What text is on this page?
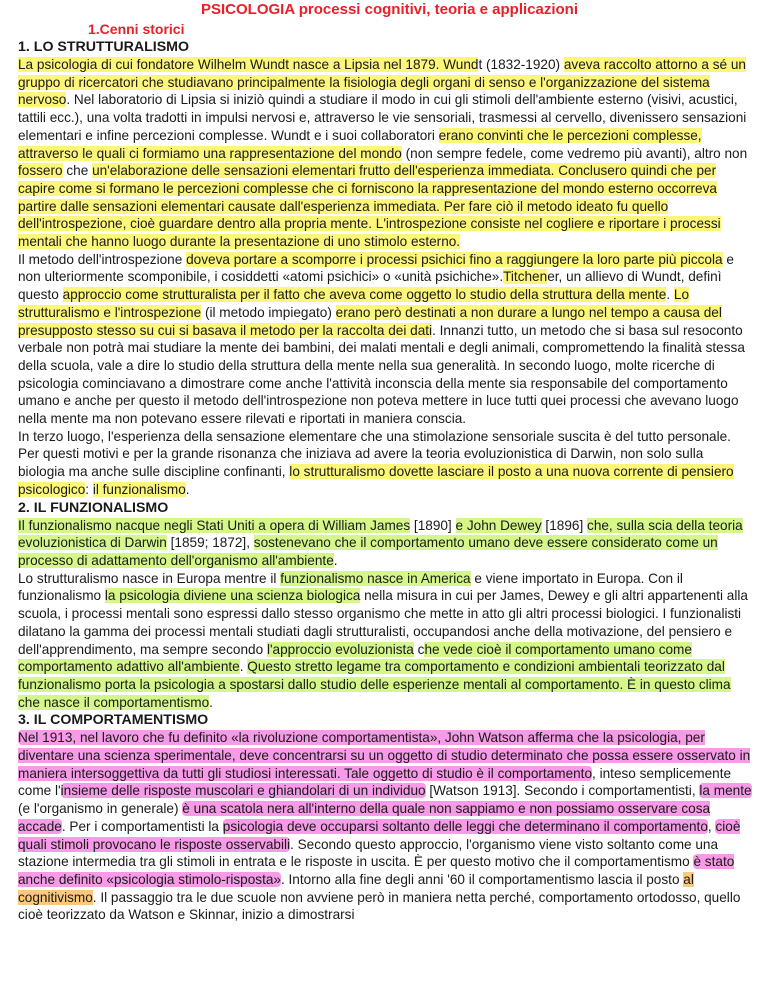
PSICOLOGIA processi cognitivi, teoria e applicazioni
1.Cenni storici
1. LO STRUTTURALISMO

La psicologia di cui fondatore Wilhelm Wundt nasce a Lipsia nel 1879. Wundt (1832-1920) aveva raccolto attorno a sé un gruppo di ricercatori che studiavano principalmente la fisiologia degli organi di senso e l'organizzazione del sistema nervoso. Nel laboratorio di Lipsia si iniziò quindi a studiare il modo in cui gli stimoli dell'ambiente esterno (visivi, acustici, tattili ecc.), una volta tradotti in impulsi nervosi e, attraverso le vie sensoriali, trasmessi al cervello, divenissero sensazioni elementari e infine percezioni complesse. Wundt e i suoi collaboratori erano convinti che le percezioni complesse, attraverso le quali ci formiamo una rappresentazione del mondo (non sempre fedele, come vedremo più avanti), altro non fossero che un'elaborazione delle sensazioni elementari frutto dell'esperienza immediata. Conclusero quindi che per capire come si formano le percezioni complesse che ci forniscono la rappresentazione del mondo esterno occorreva partire dalle sensazioni elementari causate dall'esperienza immediata. Per fare ciò il metodo ideato fu quello dell'introspezione, cioè guardare dentro alla propria mente. L'introspezione consiste nel cogliere e riportare i processi mentali che hanno luogo durante la presentazione di uno stimolo esterno.

Il metodo dell'introspezione doveva portare a scomporre i processi psichici fino a raggiungere la loro parte più piccola e non ulteriormente scomponibile, i cosiddetti «atomi psichici» o «unità psichiche».Titchener, un allievo di Wundt, definì questo approccio come strutturalista per il fatto che aveva come oggetto lo studio della struttura della mente. Lo strutturalismo e l'introspezione (il metodo impiegato) erano però destinati a non durare a lungo nel tempo a causa del presupposto stesso su cui si basava il metodo per la raccolta dei dati. Innanzi tutto, un metodo che si basa sul resoconto verbale non potrà mai studiare la mente dei bambini, dei malati mentali e degli animali, compromettendo la finalità stessa della scuola, vale a dire lo studio della struttura della mente nella sua generalità. In secondo luogo, molte ricerche di psicologia cominciavano a dimostrare come anche l'attività inconscia della mente sia responsabile del comportamento umano e anche per questo il metodo dell'introspezione non poteva mettere in luce tutti quei processi che avevano luogo nella mente ma non potevano essere rilevati e riportati in maniera conscia.

In terzo luogo, l'esperienza della sensazione elementare che una stimolazione sensoriale suscita è del tutto personale. Per questi motivi e per la grande risonanza che iniziava ad avere la teoria evoluzionistica di Darwin, non solo sulla biologia ma anche sulle discipline confinanti, lo strutturalismo dovette lasciare il posto a una nuova corrente di pensiero psicologico: il funzionalismo.

2. IL FUNZIONALISMO

Il funzionalismo nacque negli Stati Uniti a opera di William James [1890] e John Dewey [1896] che, sulla scia della teoria evoluzionistica di Darwin [1859; 1872], sostenevano che il comportamento umano deve essere considerato come un processo di adattamento dell'organismo all'ambiente.

Lo strutturalismo nasce in Europa mentre il funzionalismo nasce in America e viene importato in Europa. Con il funzionalismo la psicologia diviene una scienza biologica nella misura in cui per James, Dewey e gli altri appartenenti alla scuola, i processi mentali sono espressi dallo stesso organismo che mette in atto gli altri processi biologici. I funzionalisti dilatano la gamma dei processi mentali studiati dagli strutturalisti, occupandosi anche della motivazione, del pensiero e dell'apprendimento, ma sempre secondo l'approccio evoluzionista che vede cioè il comportamento umano come comportamento adattivo all'ambiente. Questo stretto legame tra comportamento e condizioni ambientali teorizzato dal funzionalismo porta la psicologia a spostarsi dallo studio delle esperienze mentali al comportamento. È in questo clima che nasce il comportamentismo.

3. IL COMPORTAMENTISMO

Nel 1913, nel lavoro che fu definito «la rivoluzione comportamentista», John Watson afferma che la psicologia, per diventare una scienza sperimentale, deve concentrarsi su un oggetto di studio determinato che possa essere osservato in maniera intersoggettiva da tutti gli studiosi interessati. Tale oggetto di studio è il comportamento, inteso semplicemente come l'insieme delle risposte muscolari e ghiandolari di un individuo [Watson 1913]. Secondo i comportamentisti, la mente (e l'organismo in generale) è una scatola nera all'interno della quale non sappiamo e non possiamo osservare cosa accade. Per i comportamentisti la psicologia deve occuparsi soltanto delle leggi che determinano il comportamento, cioè quali stimoli provocano le risposte osservabili. Secondo questo approccio, l'organismo viene visto soltanto come una stazione intermedia tra gli stimoli in entrata e le risposte in uscita. È per questo motivo che il comportamentismo è stato anche definito «psicologia stimolo-risposta». Intorno alla fine degli anni '60 il comportamentismo lascia il posto al cognitivismo. Il passaggio tra le due scuole non avviene però in maniera netta perché, comportamento ortodosso, quello cioè teorizzato da Watson e Skinnar, inizio a dimostrarsi
